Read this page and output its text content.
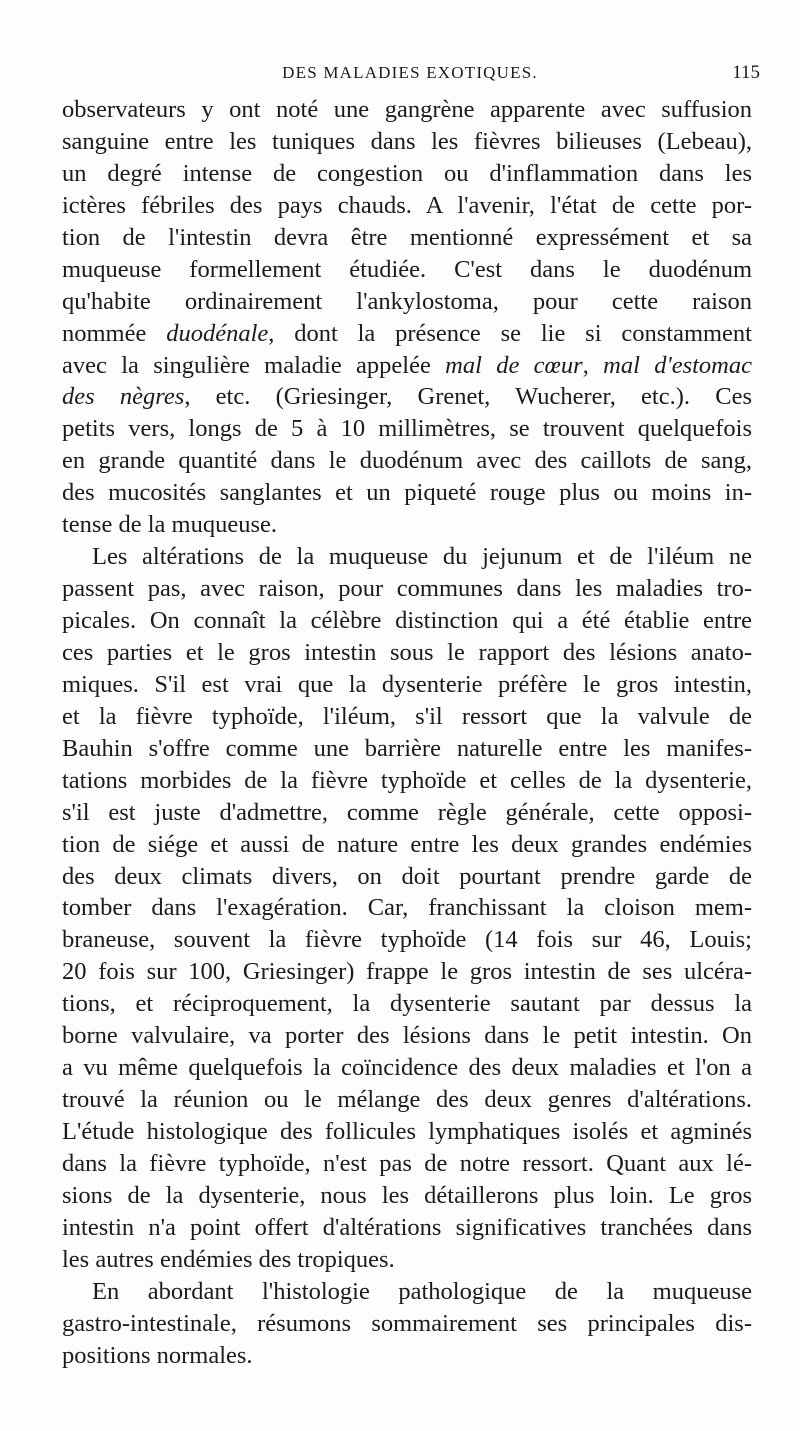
DES MALADIES EXOTIQUES.	115
observateurs y ont noté une gangrène apparente avec suffusion
sanguine entre les tuniques dans les fièvres bilieuses (Lebeau),
un degré intense de congestion ou d'inflammation dans les
ictères fébriles des pays chauds. A l'avenir, l'état de cette por-
tion de l'intestin devra être mentionné expressément et sa
muqueuse formellement étudiée. C'est dans le duodénum
qu'habite ordinairement l'ankylostoma, pour cette raison
nommée duodénale, dont la présence se lie si constamment
avec la singulière maladie appelée mal de cœur, mal d'estomac
des nègres, etc. (Griesinger, Grenet, Wucherer, etc.). Ces
petits vers, longs de 5 à 10 millimètres, se trouvent quelquefois
en grande quantité dans le duodénum avec des caillots de sang,
des mucosités sanglantes et un piqueté rouge plus ou moins in-
tense de la muqueuse.
Les altérations de la muqueuse du jejunum et de l'iléum ne
passent pas, avec raison, pour communes dans les maladies tro-
picales. On connaît la célèbre distinction qui a été établie entre
ces parties et le gros intestin sous le rapport des lésions anato-
miques. S'il est vrai que la dysenterie préfère le gros intestin,
et la fièvre typhoïde, l'iléum, s'il ressort que la valvule de
Bauhin s'offre comme une barrière naturelle entre les manifes-
tations morbides de la fièvre typhoïde et celles de la dysenterie,
s'il est juste d'admettre, comme règle générale, cette opposi-
tion de siége et aussi de nature entre les deux grandes endémies
des deux climats divers, on doit pourtant prendre garde de
tomber dans l'exagération. Car, franchissant la cloison mem-
braneuse, souvent la fièvre typhoïde (14 fois sur 46, Louis;
20 fois sur 100, Griesinger) frappe le gros intestin de ses ulcéra-
tions, et réciproquement, la dysenterie sautant par dessus la
borne valvulaire, va porter des lésions dans le petit intestin. On
a vu même quelquefois la coïncidence des deux maladies et l'on a
trouvé la réunion ou le mélange des deux genres d'altérations.
L'étude histologique des follicules lymphatiques isolés et agminés
dans la fièvre typhoïde, n'est pas de notre ressort. Quant aux lé-
sions de la dysenterie, nous les détaillerons plus loin. Le gros
intestin n'a point offert d'altérations significatives tranchées dans
les autres endémies des tropiques.
En abordant l'histologie pathologique de la muqueuse
gastro-intestinale, résumons sommairement ses principales dis-
positions normales.
